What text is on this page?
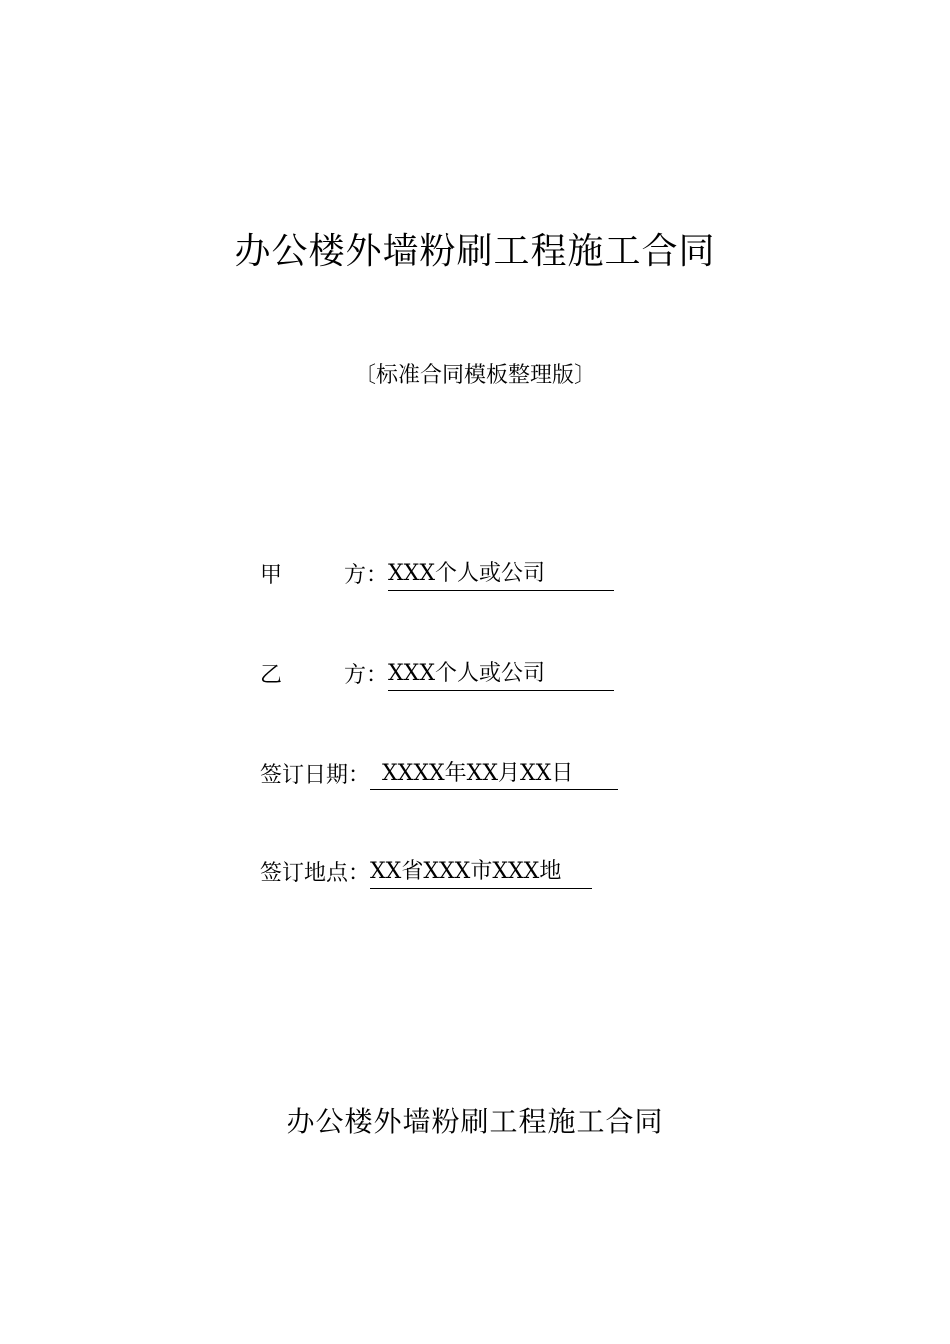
办公楼外墙粉刷工程施工合同
〔标准合同模板整理版〕
甲	方： XXX个人或公司
乙	方： XXX个人或公司
签订日期： XXXX年XX月XX日
签订地点：XX省XXX市XXX地
办公楼外墙粉刷工程施工合同
